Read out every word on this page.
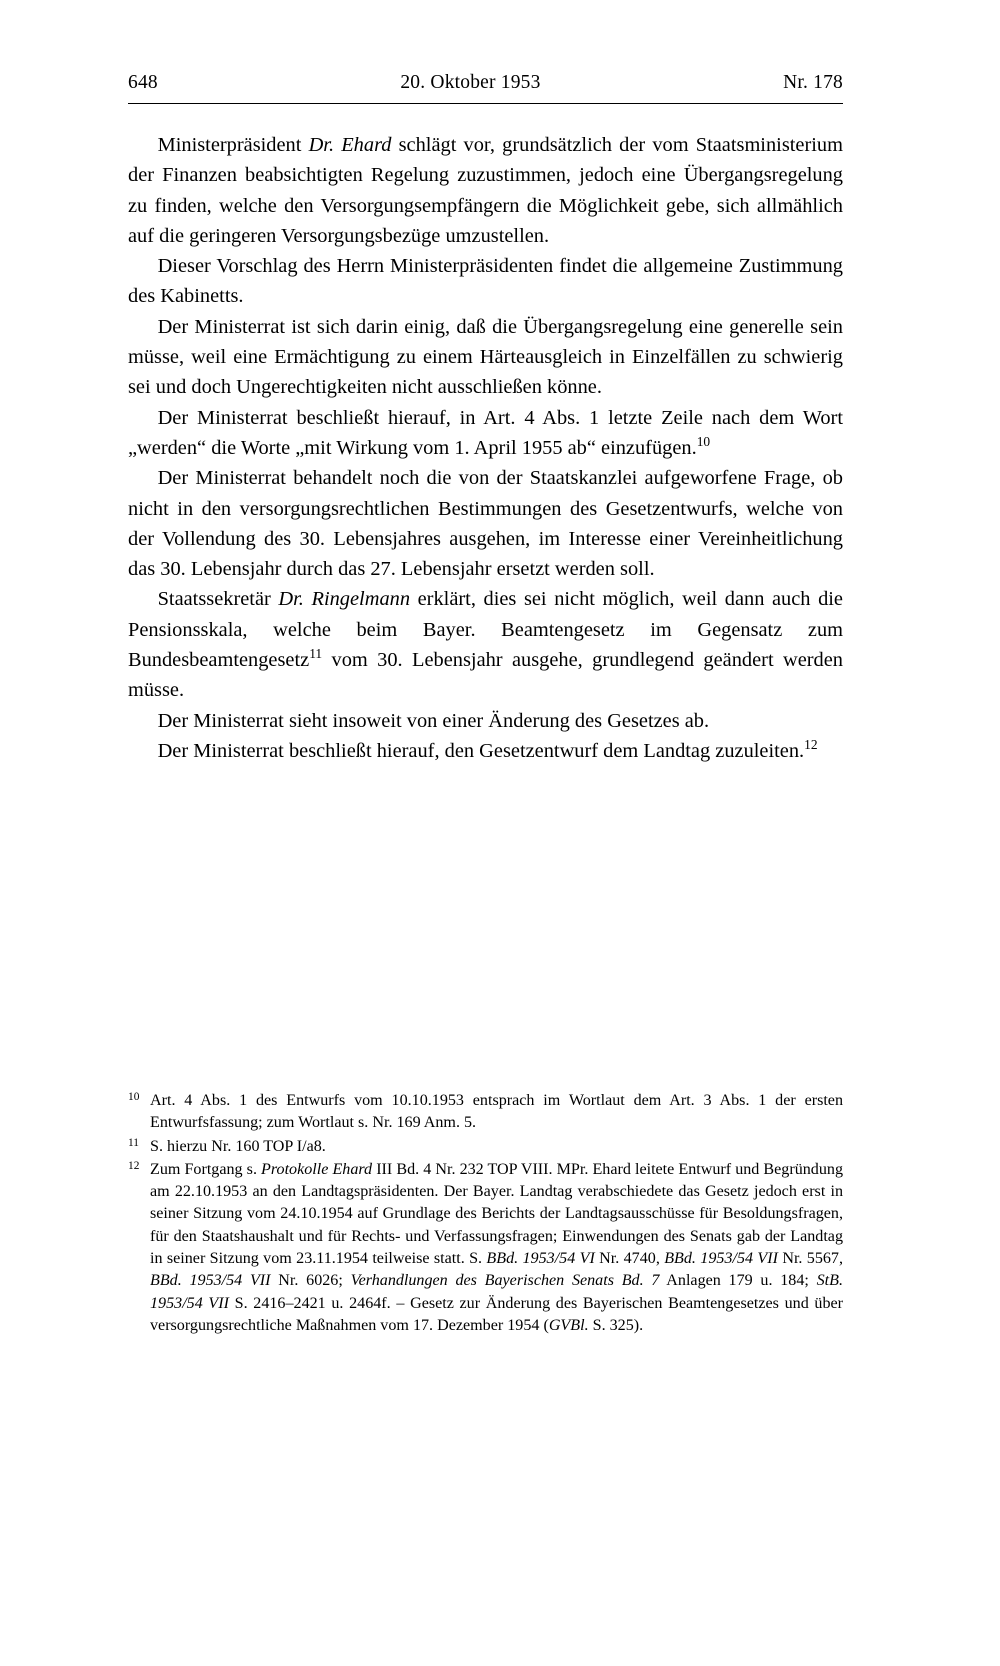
648	20. Oktober 1953	Nr. 178

Ministerpräsident Dr. Ehard schlägt vor, grundsätzlich der vom Staatsministerium der Finanzen beabsichtigten Regelung zuzustimmen, jedoch eine Übergangsregelung zu finden, welche den Versorgungsempfängern die Möglichkeit gebe, sich allmählich auf die geringeren Versorgungsbezüge umzustellen.

Dieser Vorschlag des Herrn Ministerpräsidenten findet die allgemeine Zustimmung des Kabinetts.

Der Ministerrat ist sich darin einig, daß die Übergangsregelung eine generelle sein müsse, weil eine Ermächtigung zu einem Härteausgleich in Einzelfällen zu schwierig sei und doch Ungerechtigkeiten nicht ausschließen könne.

Der Ministerrat beschließt hierauf, in Art. 4 Abs. 1 letzte Zeile nach dem Wort „werden“ die Worte „mit Wirkung vom 1. April 1955 ab“ einzufügen.$^{10}$

Der Ministerrat behandelt noch die von der Staatskanzlei aufgeworfene Frage, ob nicht in den versorgungsrechtlichen Bestimmungen des Gesetzentwurfs, welche von der Vollendung des 30. Lebensjahres ausgehen, im Interesse einer Vereinheitlichung das 30. Lebensjahr durch das 27. Lebensjahr ersetzt werden soll.

Staatssekretär Dr. Ringelmann erklärt, dies sei nicht möglich, weil dann auch die Pensionsskala, welche beim Bayer. Beamtengesetz im Gegensatz zum Bundesbeamtengesetz$^{11}$ vom 30. Lebensjahr ausgehe, grundlegend geändert werden müsse.

Der Ministerrat sieht insoweit von einer Änderung des Gesetzes ab.

Der Ministerrat beschließt hierauf, den Gesetzentwurf dem Landtag zuzuleiten.$^{12}$

10 Art. 4 Abs. 1 des Entwurfs vom 10.10.1953 entsprach im Wortlaut dem Art. 3 Abs. 1 der ersten Entwurfsfassung; zum Wortlaut s. Nr. 169 Anm. 5.
11 S. hierzu Nr. 160 TOP I/a8.
12 Zum Fortgang s. Protokolle Ehard III Bd. 4 Nr. 232 TOP VIII. MPr. Ehard leitete Entwurf und Begründung am 22.10.1953 an den Landtagspräsidenten. Der Bayer. Landtag verabschiedete das Gesetz jedoch erst in seiner Sitzung vom 24.10.1954 auf Grundlage des Berichts der Landtagsausschüsse für Besoldungsfragen, für den Staatshaushalt und für Rechts- und Verfassungsfragen; Einwendungen des Senats gab der Landtag in seiner Sitzung vom 23.11.1954 teilweise statt. S. BBd. 1953/54 VI Nr. 4740, BBd. 1953/54 VII Nr. 5567, BBd. 1953/54 VII Nr. 6026; Verhandlungen des Bayerischen Senats Bd. 7 Anlagen 179 u. 184; StB. 1953/54 VII S. 2416–2421 u. 2464f. – Gesetz zur Änderung des Bayerischen Beamtengesetzes und über versorgungsrechtliche Maßnahmen vom 17. Dezember 1954 (GVBl. S. 325).
